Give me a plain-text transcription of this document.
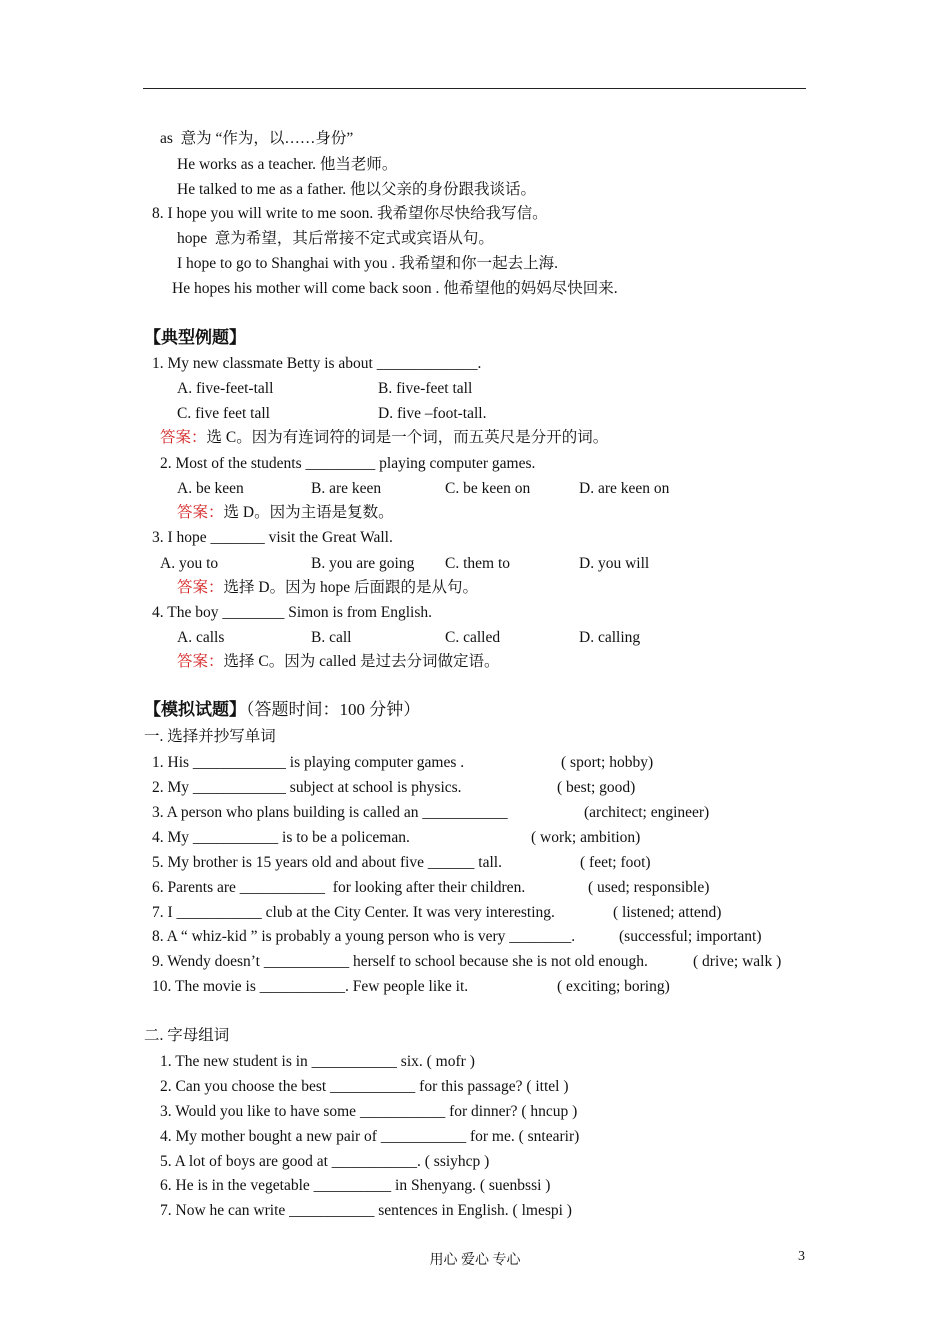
as  意为 “作为，以……身份”
He works as a teacher. 他当老师。
He talked to me as a father. 他以父亲的身份跟我谈话。
8. I hope you will write to me soon. 我希望你尽快给我写信。
hope  意为希望，其后常接不定式或宾语从句。
I hope to go to Shanghai with you . 我希望和你一起去上海.
He hopes his mother will come back soon . 他希望他的妈妈尽快回来.
【典型例题】
1. My new classmate Betty is about _____________.
A. five-feet-tall	B. five-feet tall
C. five feet tall	D. five –foot-tall.
答案：选 C。因为有连词符的词是一个词，而五英尺是分开的词。
2. Most of the students _________ playing computer games.
A. be keen	B. are keen	C. be keen on	D. are keen on
答案：选 D。因为主语是复数。
3. I hope _______ visit the Great Wall.
A. you to	B. you are going C. them to	D. you will
答案：选择 D。因为 hope 后面跟的是从句。
4. The boy ________ Simon is from English.
A. calls	B. call	C. called	D. calling
答案：选择 C。因为 called 是过去分词做定语。
【模拟试题】（答题时间：100 分钟）
一. 选择并抄写单词
1. His ____________ is playing computer games .	( sport; hobby)
2. My ____________ subject at school is physics.	( best; good)
3. A person who plans building is called an ___________	(architect; engineer)
4. My ___________ is to be a policeman.	( work; ambition)
5. My brother is 15 years old and about five ______ tall.	( feet; foot)
6. Parents are ___________  for looking after their children.	( used; responsible)
7. I ___________ club at the City Center. It was very interesting.	( listened; attend)
8. A “ whiz-kid ” is probably a young person who is very ________.	(successful; important)
9. Wendy doesn’t ___________ herself to school because she is not old enough.	( drive; walk )
10. The movie is ___________. Few people like it.	( exciting; boring)
二. 字母组词
1. The new student is in ___________ six. ( mofr )
2. Can you choose the best ___________ for this passage? ( ittel )
3. Would you like to have some ___________ for dinner? ( hncup )
4. My mother bought a new pair of ___________ for me. ( sntearir)
5. A lot of boys are good at ___________. ( ssiyhcp )
6. He is in the vegetable __________ in Shenyang. ( suenbssi )
7. Now he can write ___________ sentences in English. ( lmespi )
用心 爱心 专心	3
